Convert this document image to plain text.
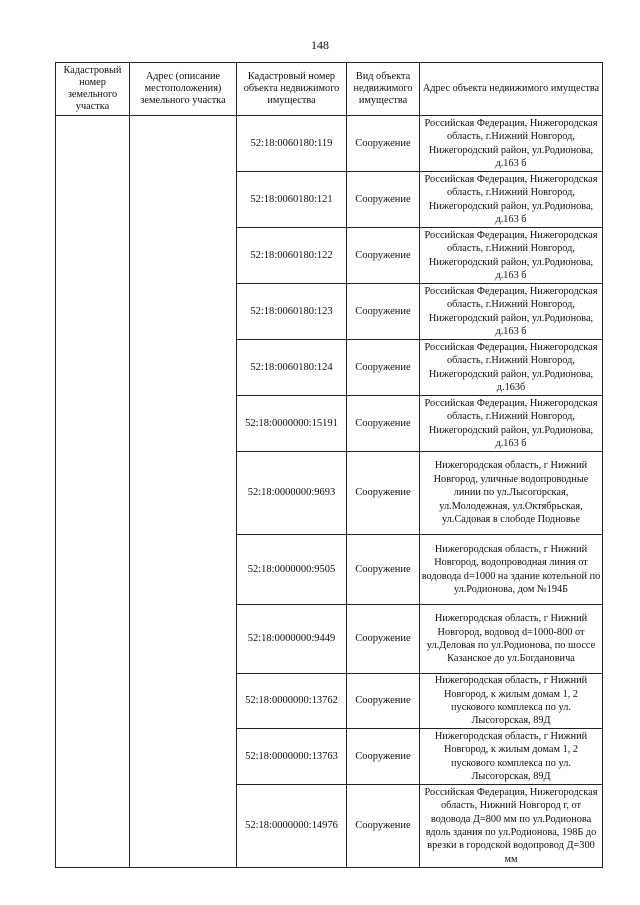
148
Кадастровый номер земельного участка	Адрес (описание местоположения) земельного участка	Кадастровый номер объекта недвижимого имущества	Вид объекта недвижимого имущества	Адрес объекта недвижимого имущества
		52:18:0060180:119	Сооружение	Российская Федерация, Нижегородская область, г.Нижний Новгород, Нижегородский район, ул.Родионова, д.163 б
		52:18:0060180:121	Сооружение	Российская Федерация, Нижегородская область, г.Нижний Новгород, Нижегородский район, ул.Родионова, д.163 б
		52:18:0060180:122	Сооружение	Российская Федерация, Нижегородская область, г.Нижний Новгород, Нижегородский район, ул.Родионова, д.163 б
		52:18:0060180:123	Сооружение	Российская Федерация, Нижегородская область, г.Нижний Новгород, Нижегородский район, ул.Родионова, д.163 б
		52:18:0060180:124	Сооружение	Российская Федерация, Нижегородская область, г.Нижний Новгород, Нижегородский район, ул.Родионова, д.163б
		52:18:0000000:15191	Сооружение	Российская Федерация, Нижегородская область, г.Нижний Новгород, Нижегородский район, ул.Родионова, д.163 б
		52:18:0000000:9693	Сооружение	Нижегородская область, г Нижний Новгород, уличные водопроводные линии по ул.Лысогорская, ул.Молодежная, ул.Октябрьская, ул.Садовая в слободе Подновье
		52:18:0000000:9505	Сооружение	Нижегородская область, г Нижний Новгород, водопроводная линия от водовода d=1000 на здание котельной по ул.Родионова, дом №194Б
		52:18:0000000:9449	Сооружение	Нижегородская область, г Нижний Новгород, водовод d=1000-800 от ул.Деловая по ул.Родионова, по шоссе Казанское до ул.Богдановича
		52:18:0000000:13762	Сооружение	Нижегородская область, г Нижний Новгород, к жилым домам 1, 2 пускового комплекса по ул. Лысогорская, 89Д
		52:18:0000000:13763	Сооружение	Нижегородская область, г Нижний Новгород, к жилым домам 1, 2 пускового комплекса по ул. Лысогорская, 89Д
		52:18:0000000:14976	Сооружение	Российская Федерация, Нижегородская область, Нижний Новгород г, от водовода Д=800 мм по ул.Родионова вдоль здания по ул.Родионова, 198Б до врезки в городской водопровод Д=300 мм
